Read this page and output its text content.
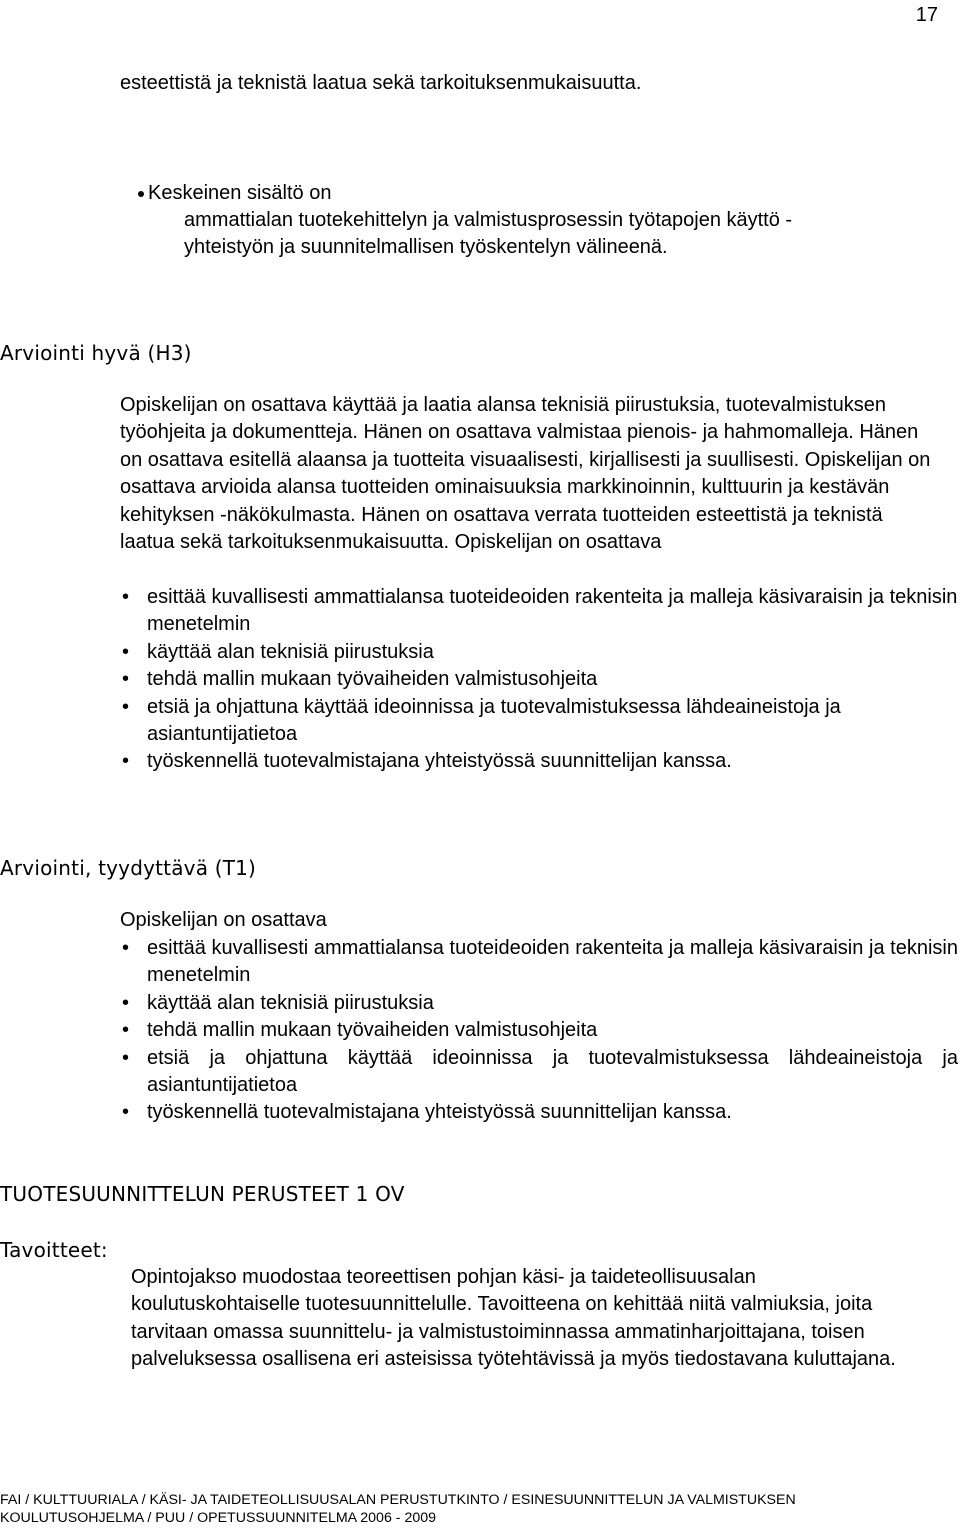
17
esteettistä ja teknistä laatua sekä tarkoituksenmukaisuutta.
Keskeinen sisältö on
ammattialan tuotekehittelyn ja valmistusprosessin työtapojen käyttö -
yhteistyön ja suunnitelmallisen työskentelyn välineenä.
Arviointi hyvä (H3)

Opiskelijan on osattava käyttää ja laatia alansa teknisiä piirustuksia, tuotevalmistuksen työohjeita ja dokumentteja. Hänen on osattava valmistaa pienois- ja hahmomalleja. Hänen on osattava esitellä alaansa ja tuotteita visuaalisesti, kirjallisesti ja suullisesti. Opiskelijan on osattava arvioida alansa tuotteiden ominaisuuksia markkinoinnin, kulttuurin ja kestävän kehityksen -näkökulmasta. Hänen on osattava verrata tuotteiden esteettistä ja teknistä laatua sekä tarkoituksenmukaisuutta. Opiskelijan on osattava

• esittää kuvallisesti ammattialansa tuoteideoiden rakenteita ja malleja käsivaraisin ja teknisin menetelmin
• käyttää alan teknisiä piirustuksia
• tehdä mallin mukaan työvaiheiden valmistusohjeita
• etsiä ja ohjattuna käyttää ideoinnissa ja tuotevalmistuksessa lähdeaineistoja ja asiantuntijatietoa
• työskennellä tuotevalmistajana yhteistyössä suunnittelijan kanssa.
Arviointi, tyydyttävä (T1)
Opiskelijan on osattava
• esittää kuvallisesti ammattialansa tuoteideoiden rakenteita ja malleja käsivaraisin ja teknisin menetelmin
• käyttää alan teknisiä piirustuksia
• tehdä mallin mukaan työvaiheiden valmistusohjeita
• etsiä ja ohjattuna käyttää ideoinnissa ja tuotevalmistuksessa lähdeaineistoja ja asiantuntijatietoa
• työskennellä tuotevalmistajana yhteistyössä suunnittelijan kanssa.
TUOTESUUNNITTELUN PERUSTEET 1 OV
Tavoitteet:

Opintojakso muodostaa teoreettisen pohjan käsi- ja taideteollisuusalan koulutuskohtaiselle tuotesuunnittelulle. Tavoitteena on kehittää niitä valmiuksia, joita tarvitaan omassa suunnittelu- ja valmistustoiminnassa ammatinharjoittajana, toisen palveluksessa osallisena eri asteisissa työtehtävissä ja myös tiedostavana kuluttajana.

FAI / KULTTUURIALA / KÄSI- JA TAIDETEOLLISUUSALAN PERUSTUTKINTO / ESINESUUNNITTELUN JA VALMISTUKSEN
KOULUTUSOHJELMA / PUU / OPETUSSUUNNITELMA 2006 - 2009
